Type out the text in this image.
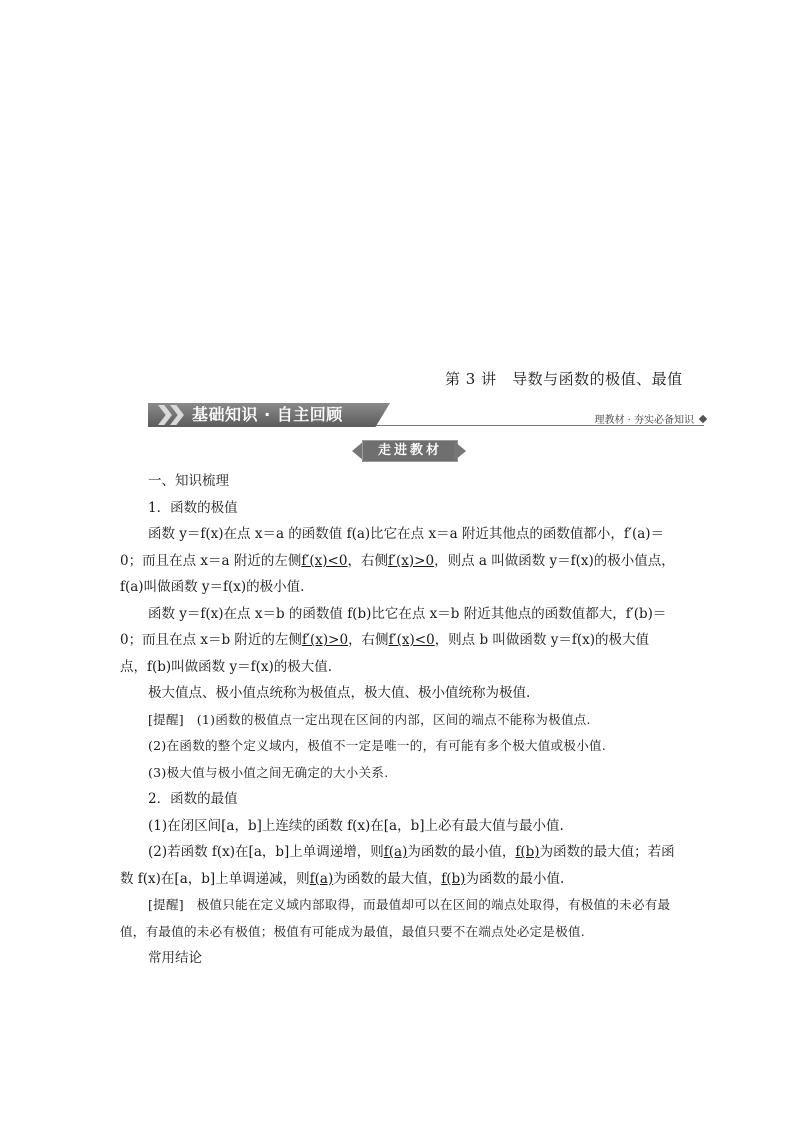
第 3 讲　导数与函数的极值、最值
基础知识 · 自主回顾	理教材 · 夯实必备知识
走进教材

一、知识梳理

1．函数的极值

函数 y＝f(x)在点 x＝a 的函数值 f(a)比它在点 x＝a 附近其他点的函数值都小，f′(a)＝0；而且在点 x＝a 附近的左侧f′(x)<0，右侧f′(x)>0，则点 a 叫做函数 y＝f(x)的极小值点，f(a)叫做函数 y＝f(x)的极小值.

函数 y＝f(x)在点 x＝b 的函数值 f(b)比它在点 x＝b 附近其他点的函数值都大，f′(b)＝0；而且在点 x＝b 附近的左侧f′(x)>0，右侧f′(x)<0，则点 b 叫做函数 y＝f(x)的极大值点，f(b)叫做函数 y＝f(x)的极大值.

极大值点、极小值点统称为极值点，极大值、极小值统称为极值.

[提醒]　(1)函数的极值点一定出现在区间的内部，区间的端点不能称为极值点.

(2)在函数的整个定义域内，极值不一定是唯一的，有可能有多个极大值或极小值.

(3)极大值与极小值之间无确定的大小关系.

2．函数的最值

(1)在闭区间[a，b]上连续的函数 f(x)在[a，b]上必有最大值与最小值.

(2)若函数 f(x)在[a，b]上单调递增，则f(a)为函数的最小值，f(b)为函数的最大值；若函数 f(x)在[a，b]上单调递减，则f(a)为函数的最大值，f(b)为函数的最小值.

[提醒]　极值只能在定义域内部取得，而最值却可以在区间的端点处取得，有极值的未必有最值，有最值的未必有极值；极值有可能成为最值，最值只要不在端点处必定是极值.

常用结论
